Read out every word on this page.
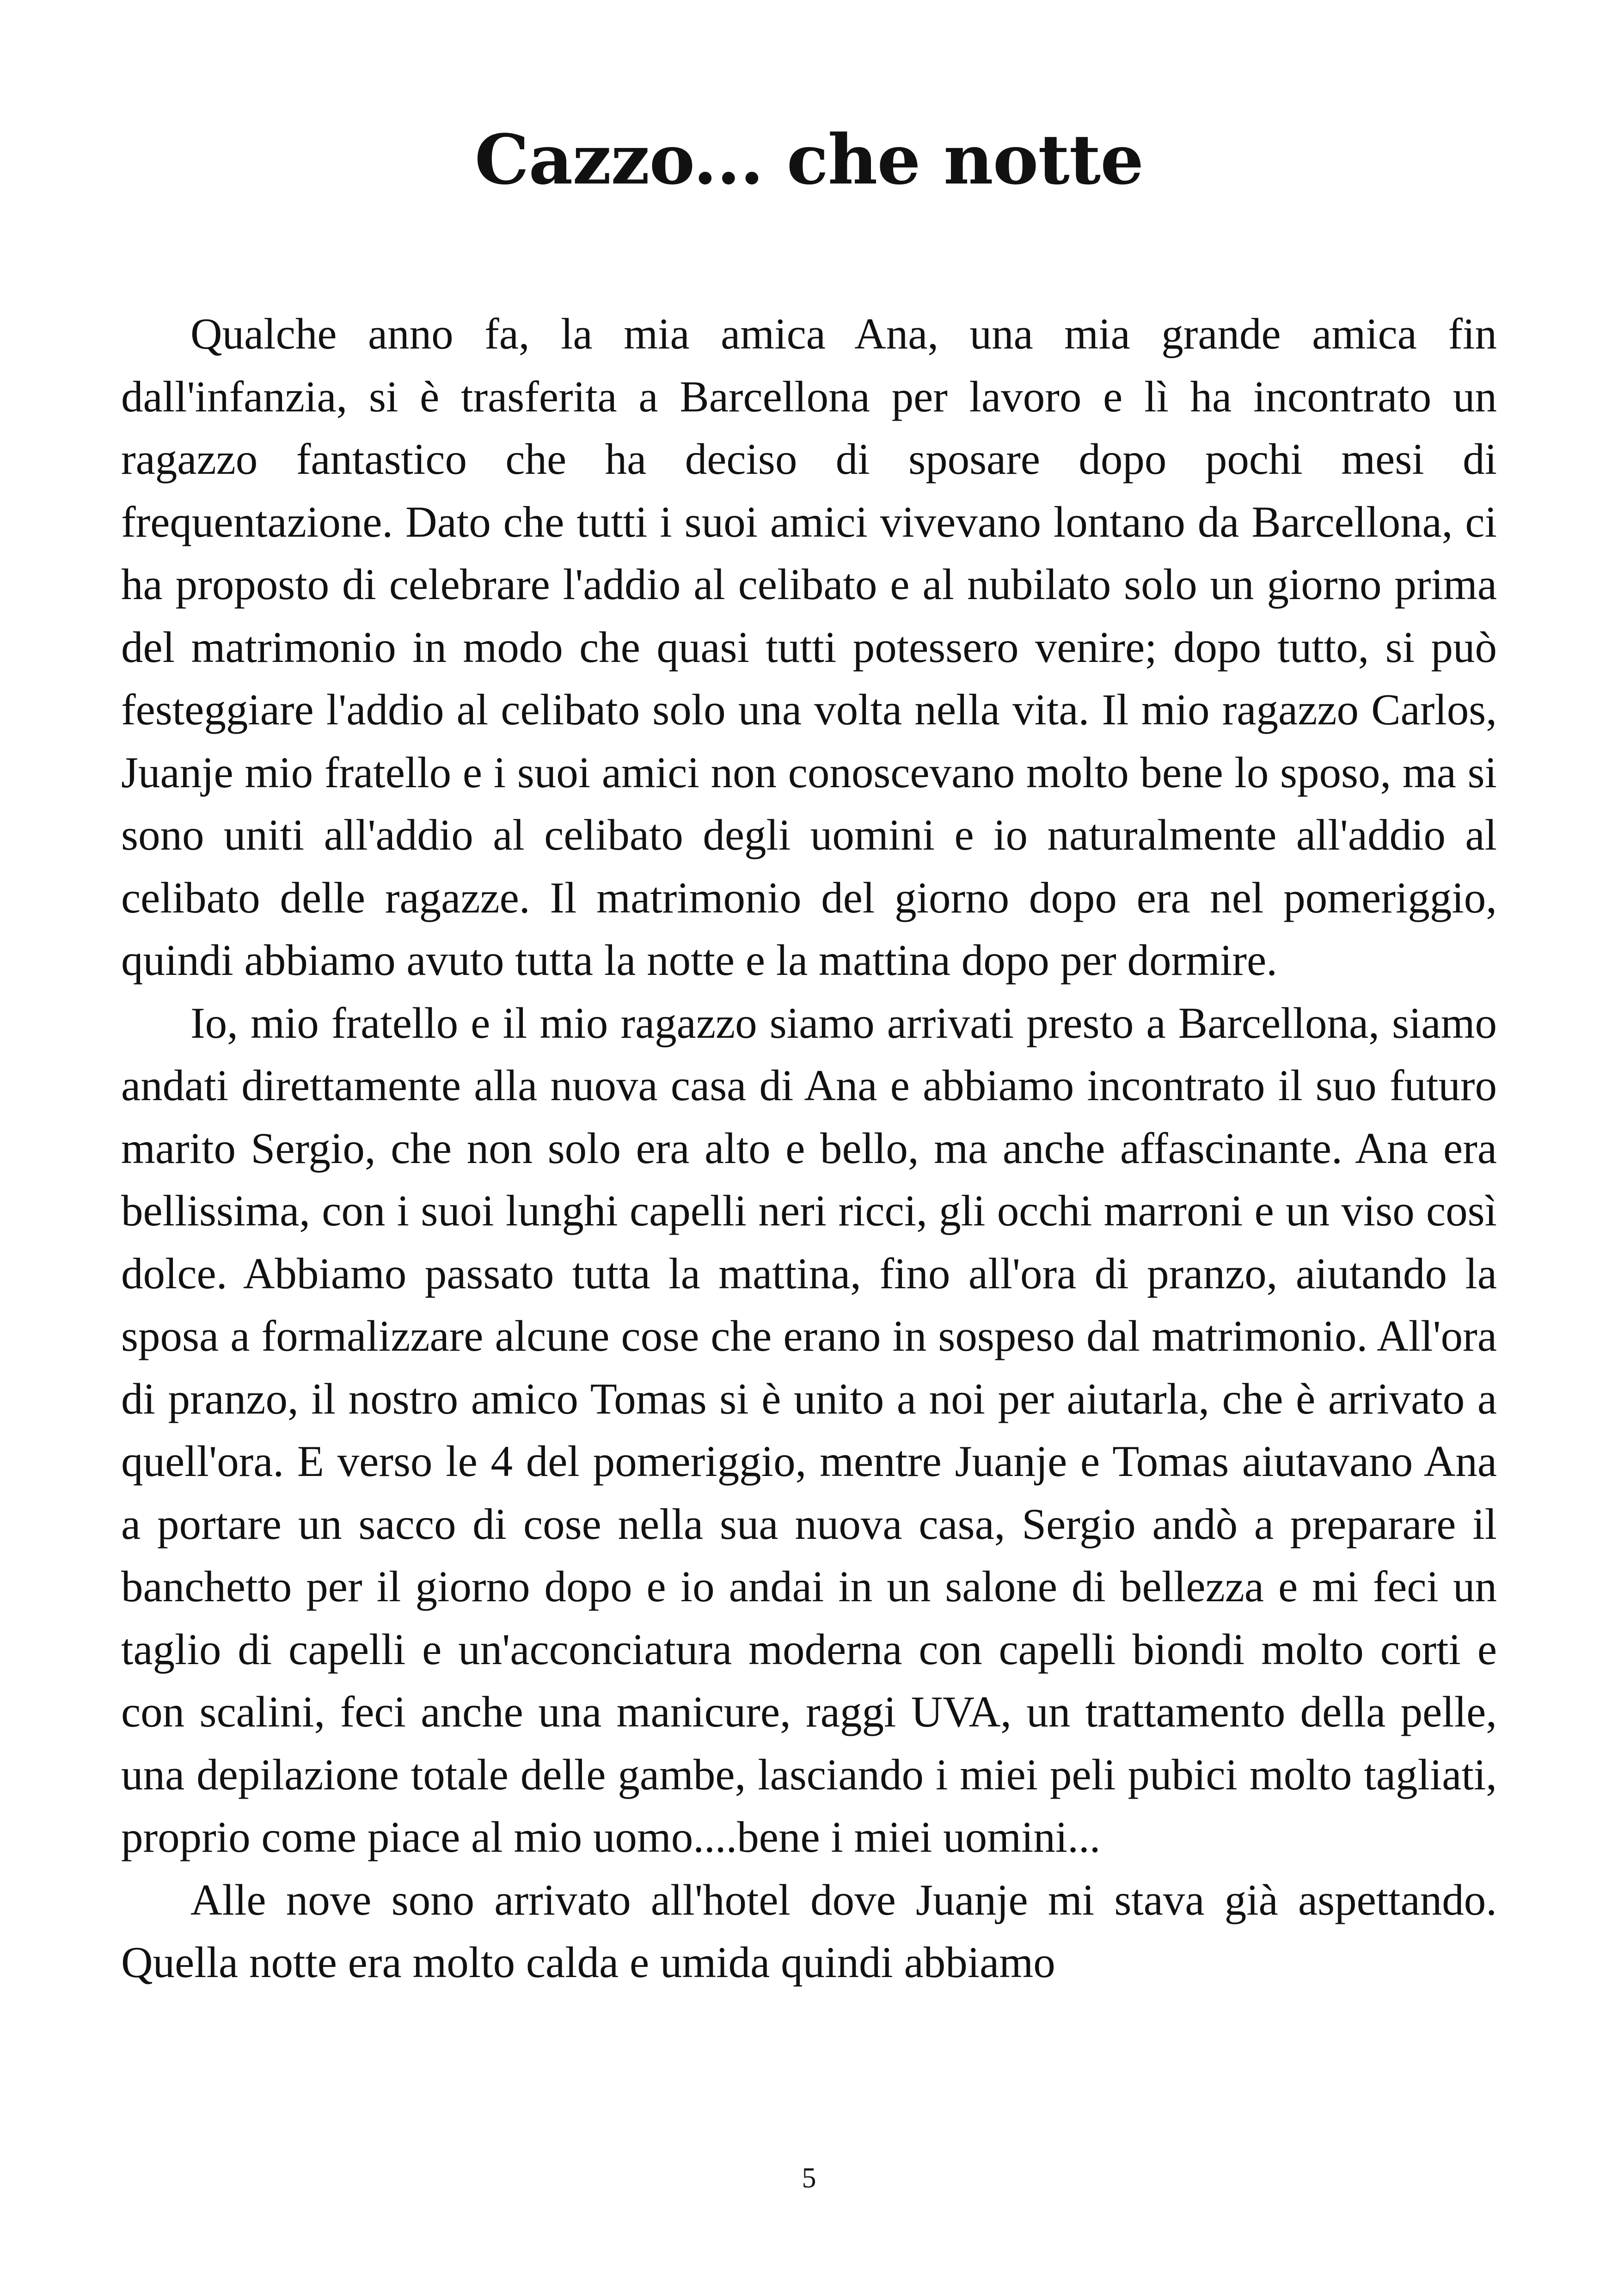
Cazzo... che notte

Qualche anno fa, la mia amica Ana, una mia grande amica fin dall'infanzia, si è trasferita a Barcellona per lavoro e lì ha incontrato un ragazzo fantastico che ha deciso di sposare dopo pochi mesi di frequentazione. Dato che tutti i suoi amici vivevano lontano da Barcellona, ci ha proposto di celebrare l'addio al celibato e al nubilato solo un giorno prima del matrimonio in modo che quasi tutti potessero venire; dopo tutto, si può festeggiare l'addio al celibato solo una volta nella vita. Il mio ragazzo Carlos, Juanje mio fratello e i suoi amici non conoscevano molto bene lo sposo, ma si sono uniti all'addio al celibato degli uomini e io naturalmente all'addio al celibato delle ragazze. Il matrimonio del giorno dopo era nel pomeriggio, quindi abbiamo avuto tutta la notte e la mattina dopo per dormire.

Io, mio fratello e il mio ragazzo siamo arrivati presto a Barcellona, siamo andati direttamente alla nuova casa di Ana e abbiamo incontrato il suo futuro marito Sergio, che non solo era alto e bello, ma anche affascinante. Ana era bellissima, con i suoi lunghi capelli neri ricci, gli occhi marroni e un viso così dolce. Abbiamo passato tutta la mattina, fino all'ora di pranzo, aiutando la sposa a formalizzare alcune cose che erano in sospeso dal matrimonio. All'ora di pranzo, il nostro amico Tomas si è unito a noi per aiutarla, che è arrivato a quell'ora. E verso le 4 del pomeriggio, mentre Juanje e Tomas aiutavano Ana a portare un sacco di cose nella sua nuova casa, Sergio andò a preparare il banchetto per il giorno dopo e io andai in un salone di bellezza e mi feci un taglio di capelli e un'acconciatura moderna con capelli biondi molto corti e con scalini, feci anche una manicure, raggi UVA, un trattamento della pelle, una depilazione totale delle gambe, lasciando i miei peli pubici molto tagliati, proprio come piace al mio uomo....bene i miei uomini...

Alle nove sono arrivato all'hotel dove Juanje mi stava già aspettando. Quella notte era molto calda e umida quindi abbiamo

5
